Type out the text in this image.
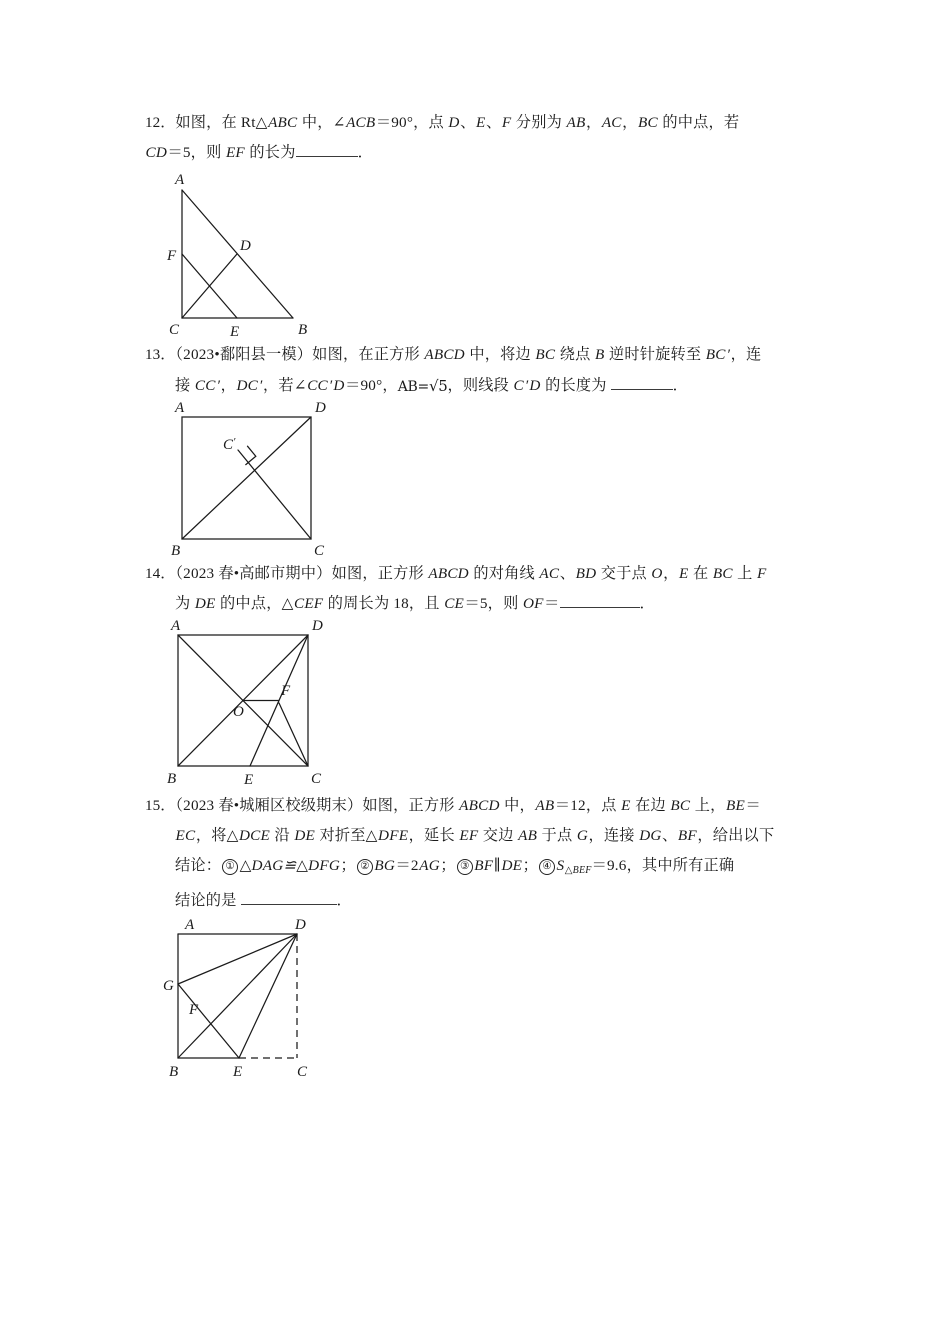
12．如图，在 Rt△ABC 中，∠ACB＝90°，点 D、E、F 分别为 AB，AC，BC 的中点，若
CD＝5，则 EF 的长为	．
A
F
D
C	E	B
13．（2023•鄱阳县一模）如图，在正方形 ABCD 中，将边 BC 绕点 B 逆时针旋转至 BC′，连
接 CC′，DC′，若∠CC′D＝90°，AB=√5，则线段 C′D 的长度为	．
A	D
C′
B	C
14．（2023 春•高邮市期中）如图，正方形 ABCD 的对角线 AC、BD 交于点 O，E 在 BC 上 F
为 DE 的中点，△CEF 的周长为 18，且 CE＝5，则 OF＝	．
A	D
F
O
B	E	C
15．（2023 春•城厢区校级期末）如图，正方形 ABCD 中，AB＝12，点 E 在边 BC 上，BE＝
EC，将△DCE 沿 DE 对折至△DFE，延长 EF 交边 AB 于点 G，连接 DG、BF，给出以下
结论： ① △DAG≌△DFG； ② BG＝2AG； ③ BF∥DE； ④ $S_{\triangle BEF}=9.6$，其中所有正确
结论的是	．
A	D
G
F
B	E	C
